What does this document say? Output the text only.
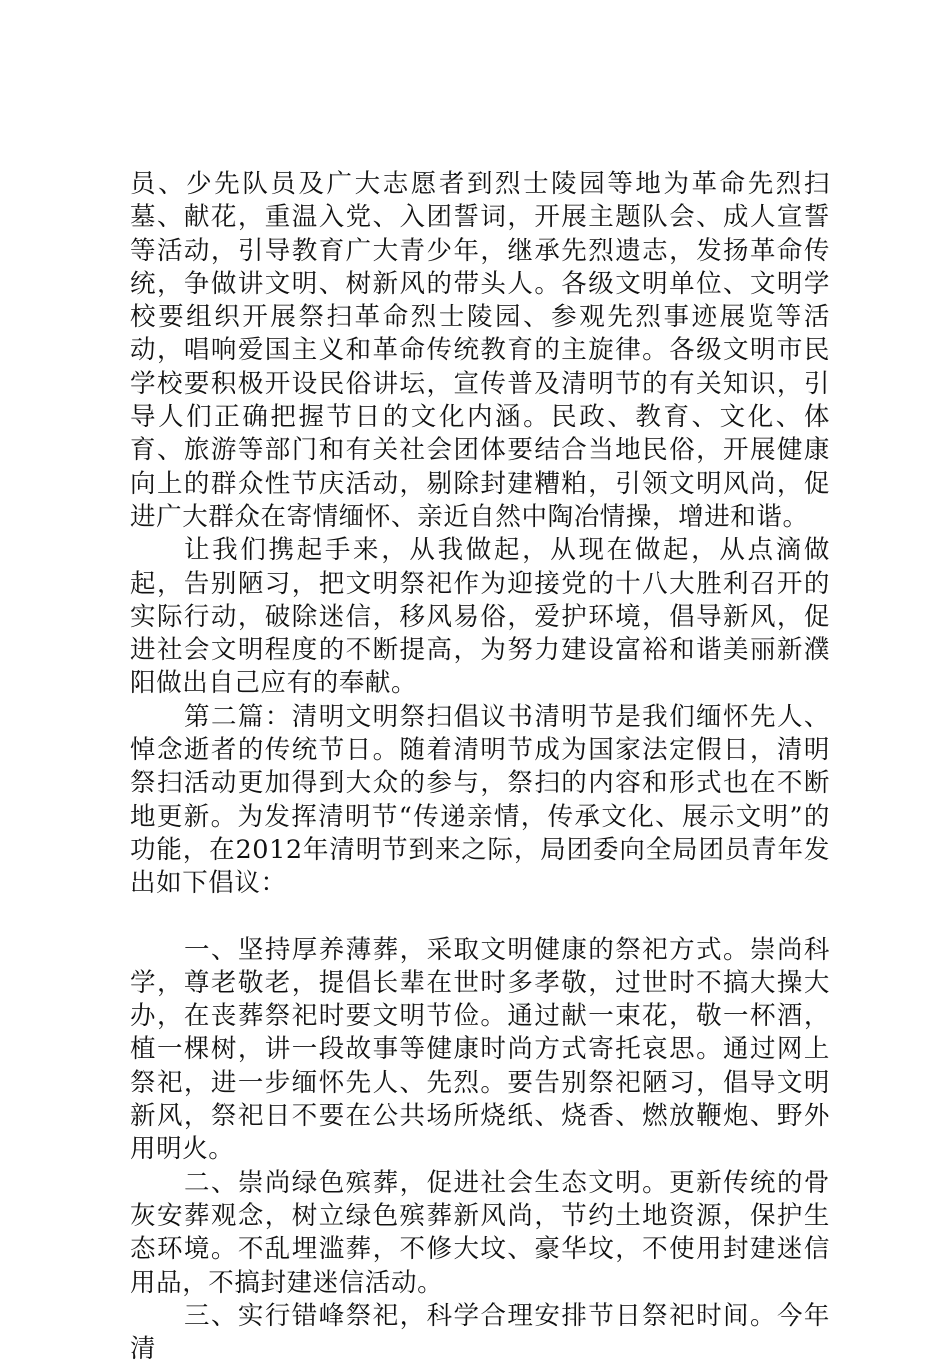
员、少先队员及广大志愿者到烈士陵园等地为革命先烈扫墓、献花，重温入党、入团誓词，开展主题队会、成人宣誓等活动，引导教育广大青少年，继承先烈遗志，发扬革命传统，争做讲文明、树新风的带头人。各级文明单位、文明学校要组织开展祭扫革命烈士陵园、参观先烈事迹展览等活动，唱响爱国主义和革命传统教育的主旋律。各级文明市民学校要积极开设民俗讲坛，宣传普及清明节的有关知识，引导人们正确把握节日的文化内涵。民政、教育、文化、体育、旅游等部门和有关社会团体要结合当地民俗，开展健康向上的群众性节庆活动，剔除封建糟粕，引领文明风尚，促进广大群众在寄情缅怀、亲近自然中陶冶情操，增进和谐。

让我们携起手来，从我做起，从现在做起，从点滴做起，告别陋习，把文明祭祀作为迎接党的十八大胜利召开的实际行动，破除迷信，移风易俗，爱护环境，倡导新风，促进社会文明程度的不断提高，为努力建设富裕和谐美丽新濮阳做出自己应有的奉献。

第二篇：清明文明祭扫倡议书清明节是我们缅怀先人、悼念逝者的传统节日。随着清明节成为国家法定假日，清明祭扫活动更加得到大众的参与，祭扫的内容和形式也在不断地更新。为发挥清明节“传递亲情，传承文化、展示文明”的功能，在2012年清明节到来之际，局团委向全局团员青年发出如下倡议：

一、坚持厚养薄葬，采取文明健康的祭祀方式。崇尚科学，尊老敬老，提倡长辈在世时多孝敬，过世时不搞大操大办，在丧葬祭祀时要文明节俭。通过献一束花，敬一杯酒，植一棵树，讲一段故事等健康时尚方式寄托哀思。通过网上祭祀，进一步缅怀先人、先烈。要告别祭祀陋习，倡导文明新风，祭祀日不要在公共场所烧纸、烧香、燃放鞭炮、野外用明火。

二、崇尚绿色殡葬，促进社会生态文明。更新传统的骨灰安葬观念，树立绿色殡葬新风尚，节约土地资源，保护生态环境。不乱埋滥葬，不修大坟、豪华坟，不使用封建迷信用品，不搞封建迷信活动。

三、实行错峰祭祀，科学合理安排节日祭祀时间。今年清
